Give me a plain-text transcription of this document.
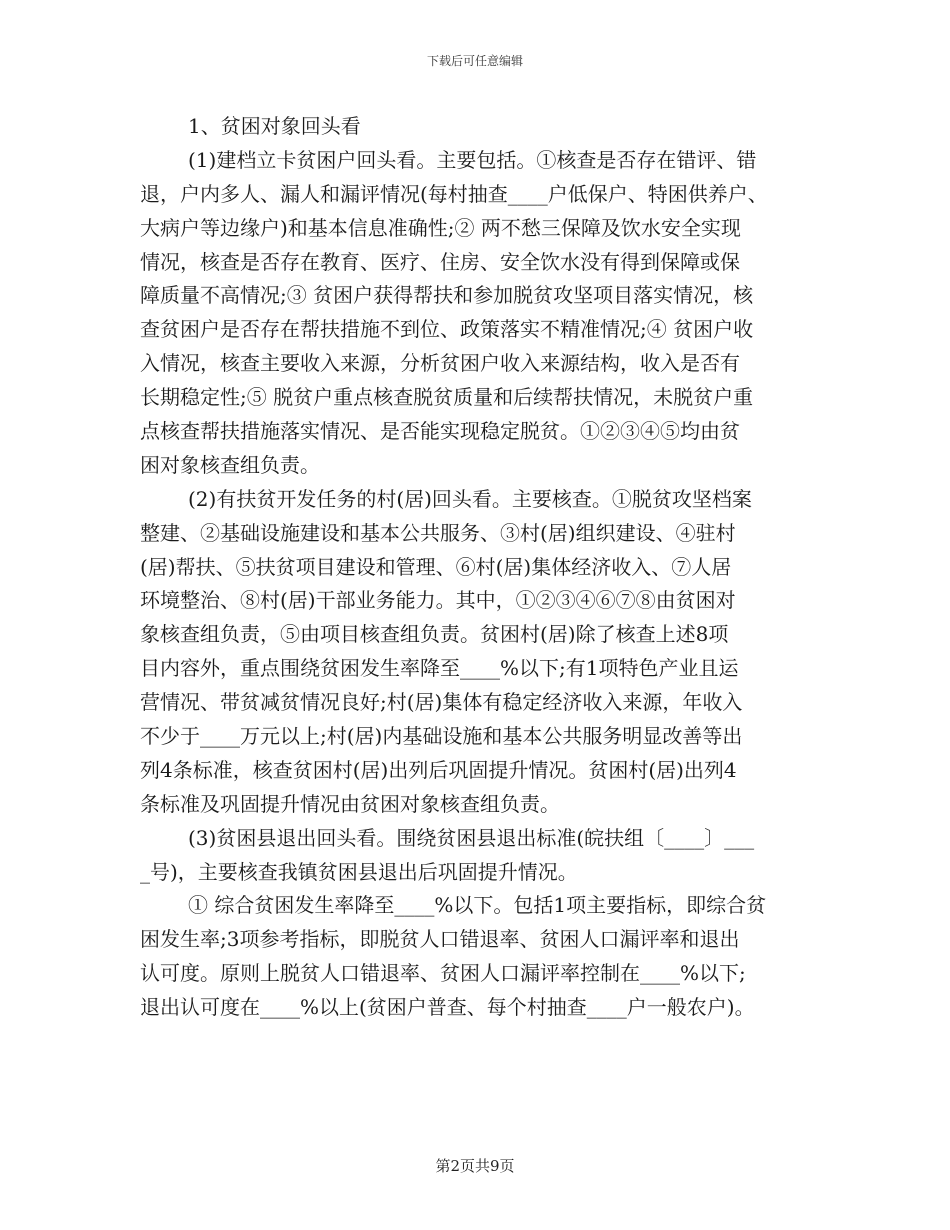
下载后可任意编辑
1、贫困对象回头看
(1)建档立卡贫困户回头看。主要包括。①核查是否存在错评、错
退，户内多人、漏人和漏评情况(每村抽查____户低保户、特困供养户、
大病户等边缘户)和基本信息准确性;② 两不愁三保障及饮水安全实现
情况，核查是否存在教育、医疗、住房、安全饮水没有得到保障或保
障质量不高情况;③ 贫困户获得帮扶和参加脱贫攻坚项目落实情况，核
查贫困户是否存在帮扶措施不到位、政策落实不精准情况;④ 贫困户收
入情况，核查主要收入来源，分析贫困户收入来源结构，收入是否有
长期稳定性;⑤ 脱贫户重点核查脱贫质量和后续帮扶情况，未脱贫户重
点核查帮扶措施落实情况、是否能实现稳定脱贫。①②③④⑤均由贫
困对象核查组负责。
(2)有扶贫开发任务的村(居)回头看。主要核查。①脱贫攻坚档案
整建、②基础设施建设和基本公共服务、③村(居)组织建设、④驻村
(居)帮扶、⑤扶贫项目建设和管理、⑥村(居)集体经济收入、⑦人居
环境整治、⑧村(居)干部业务能力。其中，①②③④⑥⑦⑧由贫困对
象核查组负责，⑤由项目核查组负责。贫困村(居)除了核查上述8项
目内容外，重点围绕贫困发生率降至____%以下;有1项特色产业且运
营情况、带贫减贫情况良好;村(居)集体有稳定经济收入来源，年收入
不少于____万元以上;村(居)内基础设施和基本公共服务明显改善等出
列4条标准，核查贫困村(居)出列后巩固提升情况。贫困村(居)出列4
条标准及巩固提升情况由贫困对象核查组负责。
(3)贫困县退出回头看。围绕贫困县退出标准(皖扶组〔____〕___
_号)，主要核查我镇贫困县退出后巩固提升情况。
① 综合贫困发生率降至____%以下。包括1项主要指标，即综合贫
困发生率;3项参考指标，即脱贫人口错退率、贫困人口漏评率和退出
认可度。原则上脱贫人口错退率、贫困人口漏评率控制在____%以下;
退出认可度在____%以上(贫困户普查、每个村抽查____户一般农户)。
第2页共9页
